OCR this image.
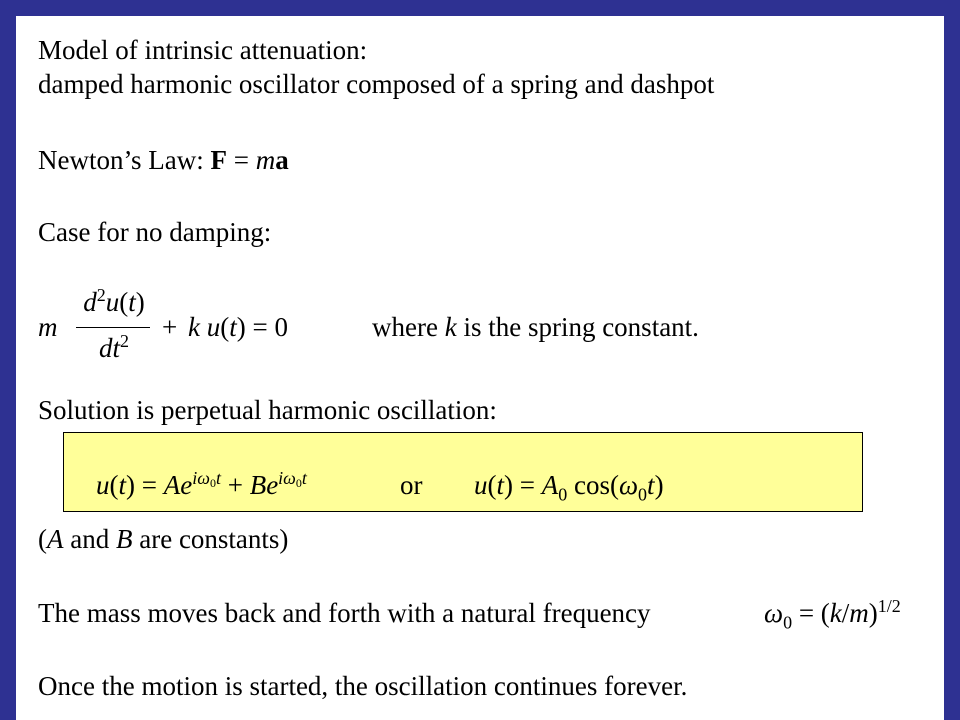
Model of intrinsic attenuation:
damped harmonic oscillator composed of a spring and dashpot
Newton’s Law: F = ma
Case for no damping:
m
$d^2u(t)$
$dt^2$	+ k u(t) = 0	where k is the spring constant.
Solution is perpetual harmonic oscillation:
$u(t) = Ae^{i\omega 0t} + Be^{i\omega 0t}$	or $u(t) = A_0$ $\cos(\omega_0t)$
(A and B are constants)
The mass moves back and forth with a natural frequency	$\omega_0 = (k/m)^{1/2}$
Once the motion is started, the oscillation continues forever.
